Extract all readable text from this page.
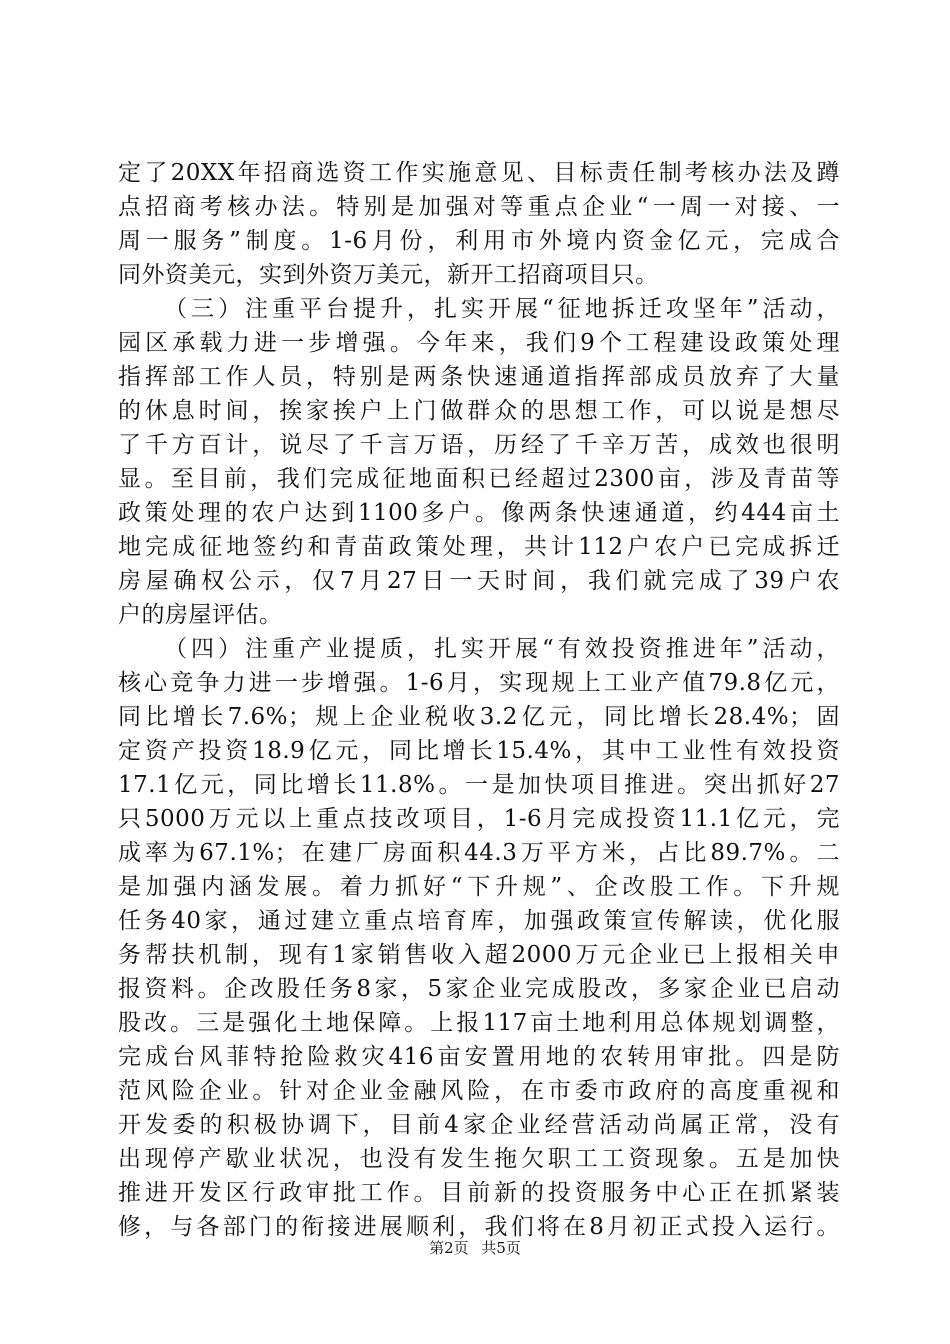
定了20XX年招商选资工作实施意见、目标责任制考核办法及蹲
点招商考核办法。特别是加强对等重点企业“一周一对接、一
周一服务”制度。1-6月份，利用市外境内资金亿元，完成合
同外资美元，实到外资万美元，新开工招商项目只。
（三）注重平台提升，扎实开展“征地拆迁攻坚年”活动，
园区承载力进一步增强。今年来，我们9个工程建设政策处理
指挥部工作人员，特别是两条快速通道指挥部成员放弃了大量
的休息时间，挨家挨户上门做群众的思想工作，可以说是想尽
了千方百计，说尽了千言万语，历经了千辛万苦，成效也很明
显。至目前，我们完成征地面积已经超过2300亩，涉及青苗等
政策处理的农户达到1100多户。像两条快速通道，约444亩土
地完成征地签约和青苗政策处理，共计112户农户已完成拆迁
房屋确权公示，仅7月27日一天时间，我们就完成了39户农
户的房屋评估。
（四）注重产业提质，扎实开展“有效投资推进年”活动，
核心竞争力进一步增强。1-6月，实现规上工业产值79.8亿元，
同比增长7.6%；规上企业税收3.2亿元，同比增长28.4%；固
定资产投资18.9亿元，同比增长15.4%，其中工业性有效投资
17.1亿元，同比增长11.8%。一是加快项目推进。突出抓好27
只5000万元以上重点技改项目，1-6月完成投资11.1亿元，完
成率为67.1%；在建厂房面积44.3万平方米，占比89.7%。二
是加强内涵发展。着力抓好“下升规”、企改股工作。下升规
任务40家，通过建立重点培育库，加强政策宣传解读，优化服
务帮扶机制，现有1家销售收入超2000万元企业已上报相关申
报资料。企改股任务8家，5家企业完成股改，多家企业已启动
股改。三是强化土地保障。上报117亩土地利用总体规划调整，
完成台风菲特抢险救灾416亩安置用地的农转用审批。四是防
范风险企业。针对企业金融风险，在市委市政府的高度重视和
开发委的积极协调下，目前4家企业经营活动尚属正常，没有
出现停产歇业状况，也没有发生拖欠职工工资现象。五是加快
推进开发区行政审批工作。目前新的投资服务中心正在抓紧装
修，与各部门的衔接进展顺利，我们将在8月初正式投入运行。
第2页 共5页
